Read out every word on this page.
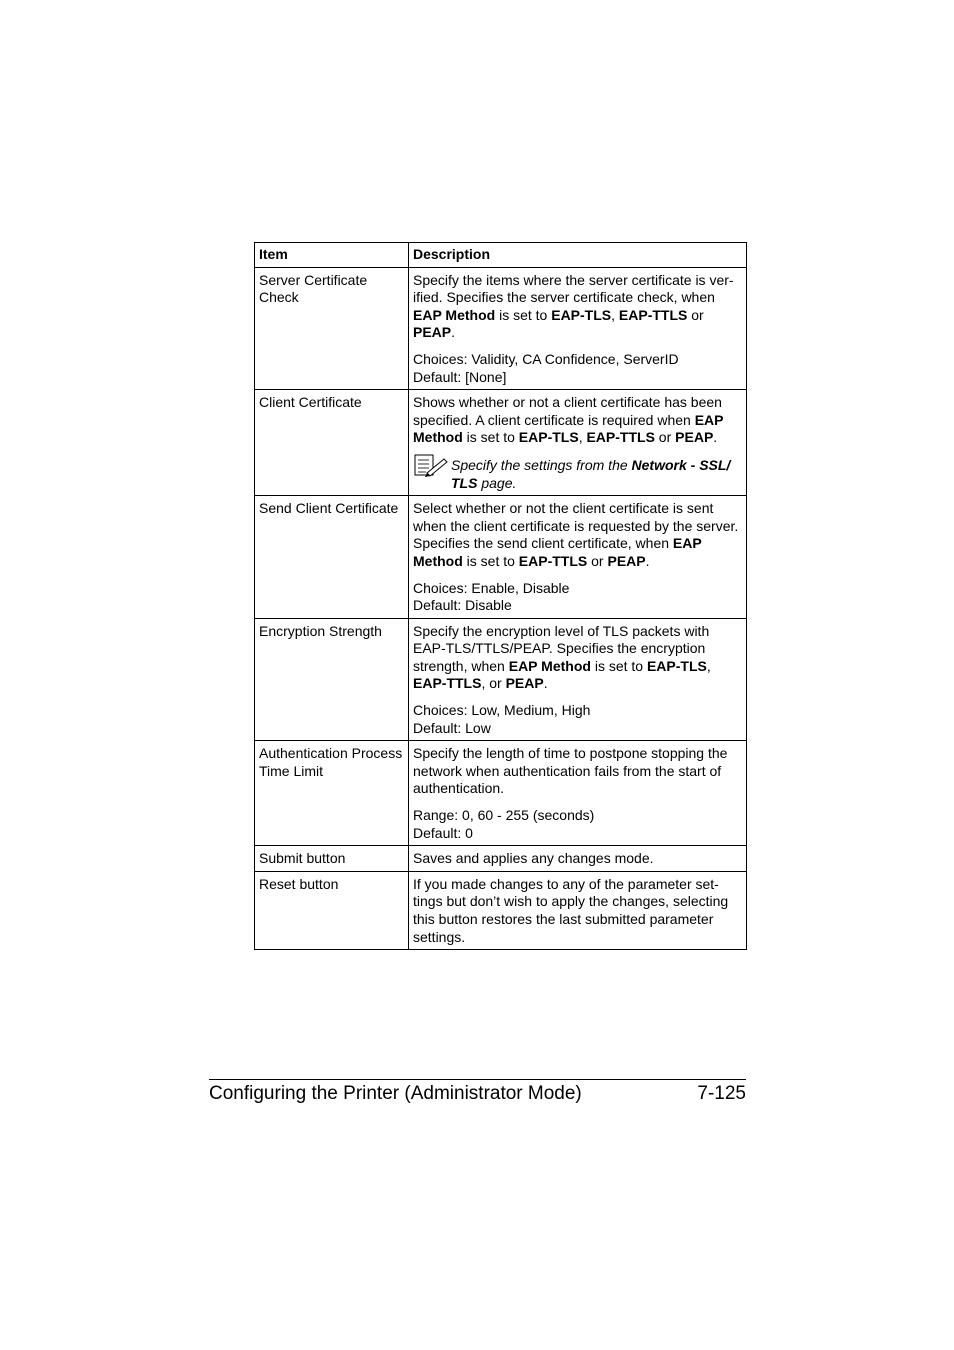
Item	Description
Server Certificate Check	Specify the items where the server certificate is ver-ified. Specifies the server certificate check, when EAP Method is set to EAP-TLS, EAP-TTLS or PEAP.

Choices: Validity, CA Confidence, ServerID
Default: [None]

Client Certificate	Shows whether or not a client certificate has been specified. A client certificate is required when EAP Method is set to EAP-TLS, EAP-TTLS or PEAP.

Specify the settings from the Network - SSL/ TLS page.

Send Client Certificate	Select whether or not the client certificate is sent when the client certificate is requested by the server. Specifies the send client certificate, when EAP Method is set to EAP-TTLS or PEAP.

Choices: Enable, Disable
Default: Disable

Encryption Strength	Specify the encryption level of TLS packets with EAP-TLS/TTLS/PEAP. Specifies the encryption strength, when EAP Method is set to EAP-TLS, EAP-TTLS, or PEAP.

Choices: Low, Medium, High
Default: Low

Authentication Process Time Limit	Specify the length of time to postpone stopping the network when authentication fails from the start of authentication.

Range: 0, 60 - 255 (seconds)
Default: 0

Submit button	Saves and applies any changes mode.
Reset button	If you made changes to any of the parameter set-tings but don’t wish to apply the changes, selecting this button restores the last submitted parameter settings.
Configuring the Printer (Administrator Mode)	7-125
